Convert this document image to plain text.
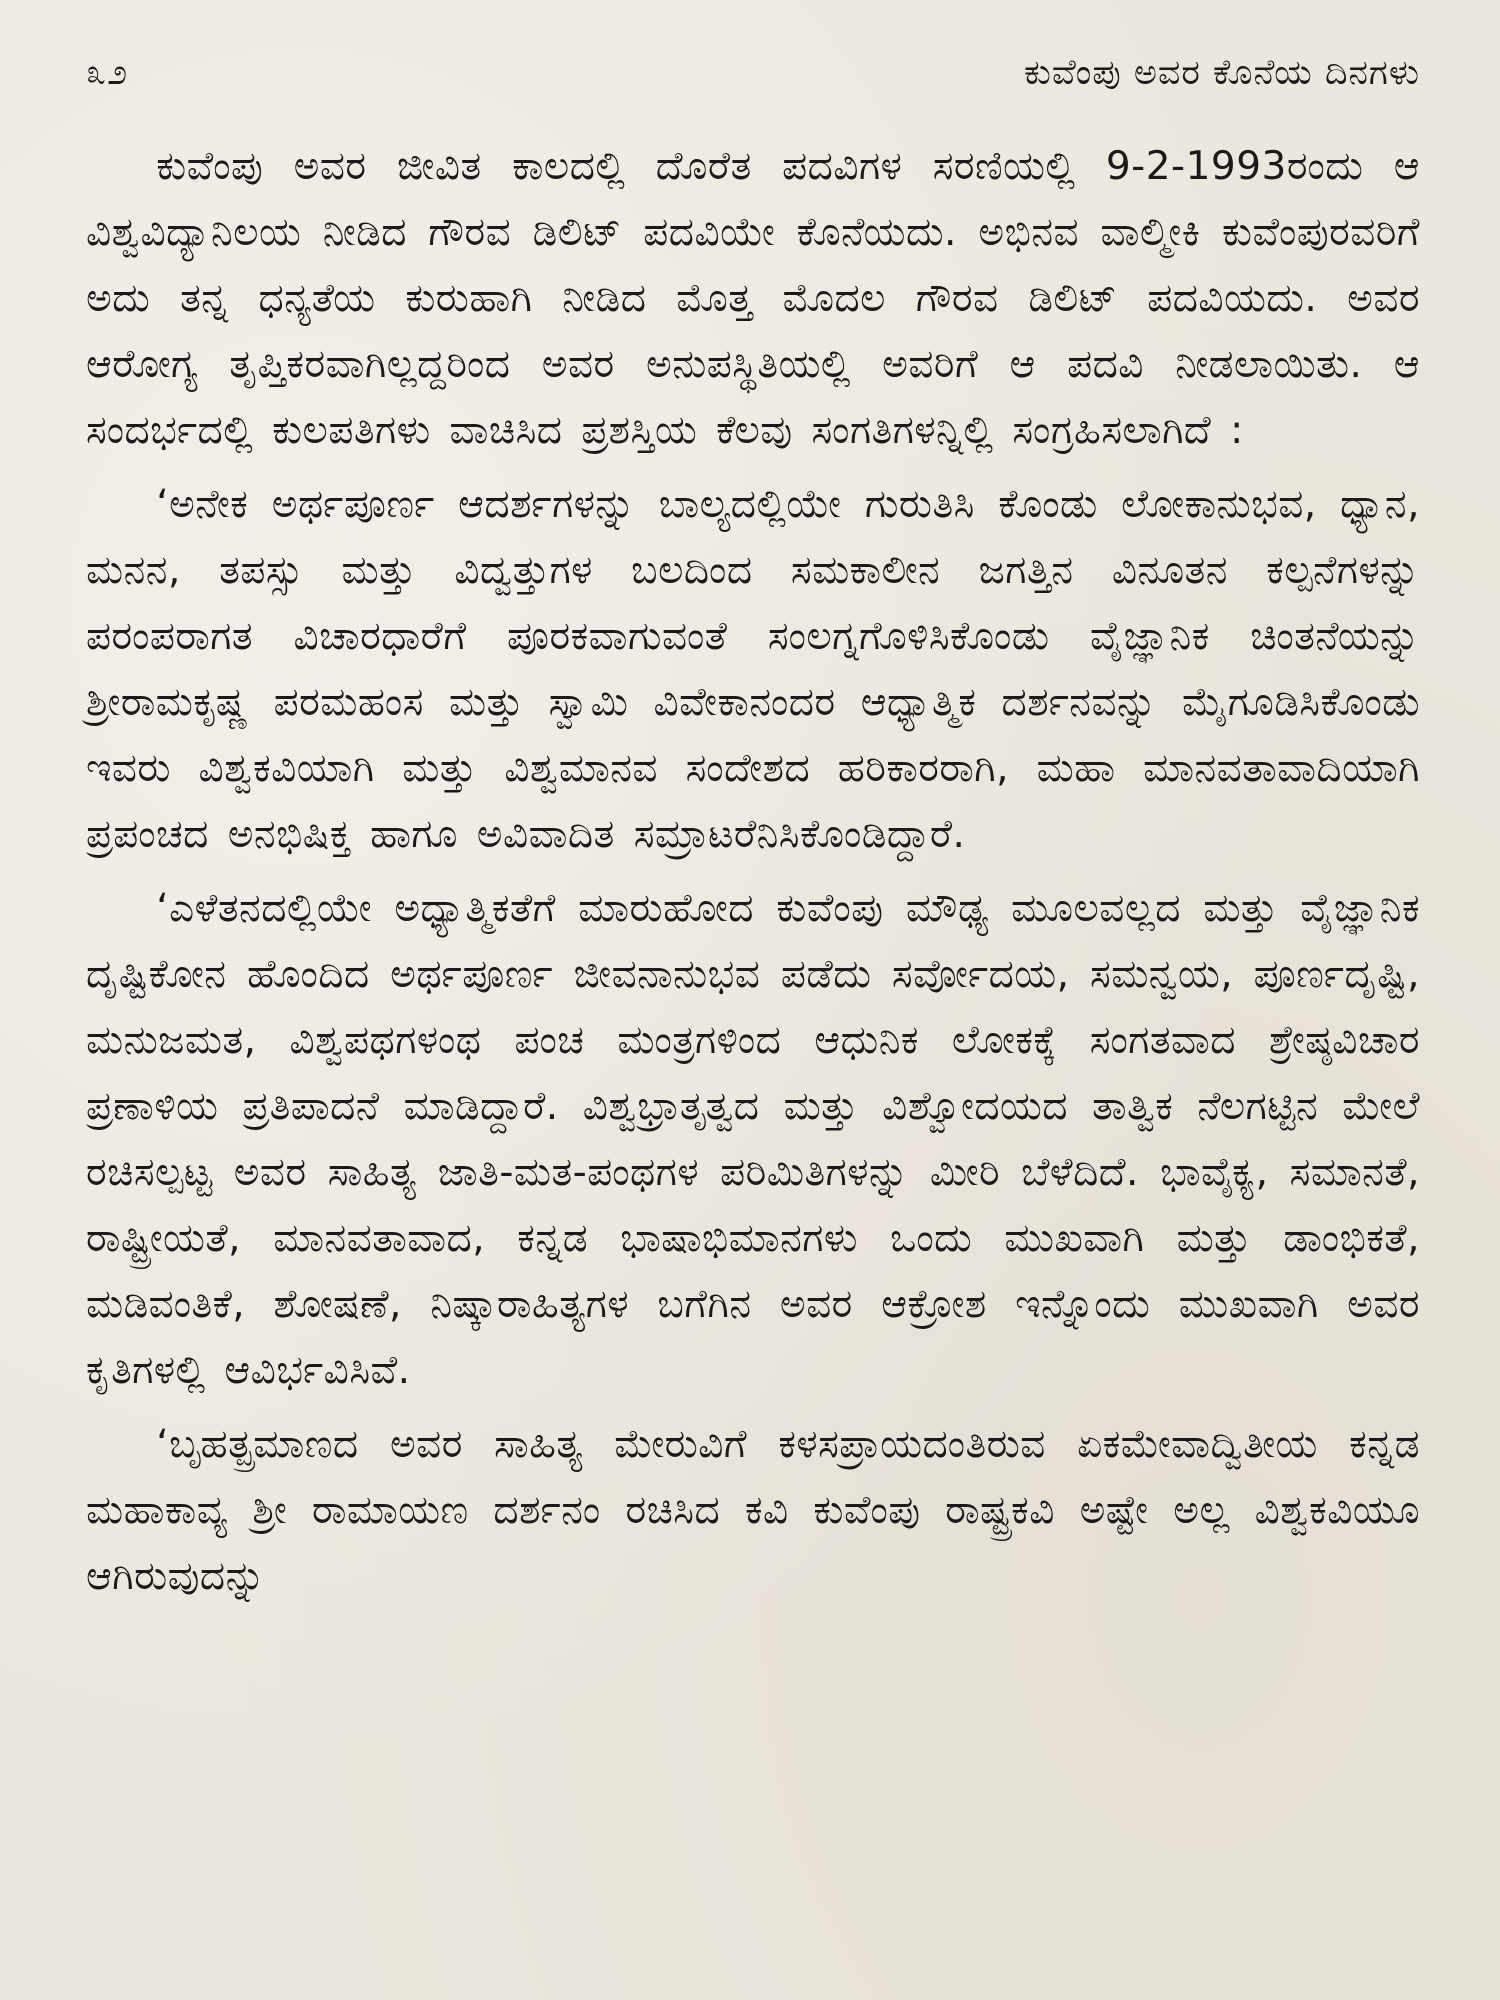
೩೨	ಕುವೆಂಪು ಅವರ ಕೊನೆಯ ದಿನಗಳು

ಕುವೆಂಪು ಅವರ ಜೀವಿತ ಕಾಲದಲ್ಲಿ ದೊರೆತ ಪದವಿಗಳ ಸರಣಿಯಲ್ಲಿ 9-2-1993ರಂದು ಆ ವಿಶ್ವವಿದ್ಯಾನಿಲಯ ನೀಡಿದ ಗೌರವ ಡಿಲಿಟ್ ಪದವಿಯೇ ಕೊನೆಯದು. ಅಭಿನವ ವಾಲ್ಮೀಕಿ ಕುವೆಂಪುರವರಿಗೆ ಅದು ತನ್ನ ಧನ್ಯತೆಯ ಕುರುಹಾಗಿ ನೀಡಿದ ಮೊತ್ತ ಮೊದಲ ಗೌರವ ಡಿಲಿಟ್ ಪದವಿಯದು. ಅವರ ಆರೋಗ್ಯ ತೃಪ್ತಿಕರವಾಗಿಲ್ಲದ್ದರಿಂದ ಅವರ ಅನುಪಸ್ಥಿತಿಯಲ್ಲಿ ಅವರಿಗೆ ಆ ಪದವಿ ನೀಡಲಾಯಿತು. ಆ ಸಂದರ್ಭದಲ್ಲಿ ಕುಲಪತಿಗಳು ವಾಚಿಸಿದ ಪ್ರಶಸ್ತಿಯ ಕೆಲವು ಸಂಗತಿಗಳನ್ನಿಲ್ಲಿ ಸಂಗ್ರಹಿಸಲಾಗಿದೆ :

‘ಅನೇಕ ಅರ್ಥಪೂರ್ಣ ಆದರ್ಶಗಳನ್ನು ಬಾಲ್ಯದಲ್ಲಿಯೇ ಗುರುತಿಸಿ ಕೊಂಡು ಲೋಕಾನುಭವ, ಧ್ಯಾನ, ಮನನ, ತಪಸ್ಸು ಮತ್ತು ವಿದ್ವತ್ತುಗಳ ಬಲದಿಂದ ಸಮಕಾಲೀನ ಜಗತ್ತಿನ ವಿನೂತನ ಕಲ್ಪನೆಗಳನ್ನು ಪರಂಪರಾಗತ ವಿಚಾರಧಾರೆಗೆ ಪೂರಕವಾಗುವಂತೆ ಸಂಲಗ್ನಗೊಳಿಸಿಕೊಂಡು ವೈಜ್ಞಾನಿಕ ಚಿಂತನೆಯನ್ನು ಶ್ರೀರಾಮಕೃಷ್ಣ ಪರಮಹಂಸ ಮತ್ತು ಸ್ವಾಮಿ ವಿವೇಕಾನಂದರ ಆಧ್ಯಾತ್ಮಿಕ ದರ್ಶನವನ್ನು ಮೈಗೂಡಿಸಿಕೊಂಡು ಇವರು ವಿಶ್ವಕವಿಯಾಗಿ ಮತ್ತು ವಿಶ್ವಮಾನವ ಸಂದೇಶದ ಹರಿಕಾರರಾಗಿ, ಮಹಾ ಮಾನವತಾವಾದಿಯಾಗಿ ಪ್ರಪಂಚದ ಅನಭಿಷಿಕ್ತ ಹಾಗೂ ಅವಿವಾದಿತ ಸಮ್ರಾಟರೆನಿಸಿಕೊಂಡಿದ್ದಾರೆ.

‘ಎಳೆತನದಲ್ಲಿಯೇ ಅಧ್ಯಾತ್ಮಿಕತೆಗೆ ಮಾರುಹೋದ ಕುವೆಂಪು ಮೌಢ್ಯ ಮೂಲವಲ್ಲದ ಮತ್ತು ವೈಜ್ಞಾನಿಕ ದೃಷ್ಟಿಕೋನ ಹೊಂದಿದ ಅರ್ಥಪೂರ್ಣ ಜೀವನಾನುಭವ ಪಡೆದು ಸರ್ವೋದಯ, ಸಮನ್ವಯ, ಪೂರ್ಣದೃಷ್ಟಿ, ಮನುಜಮತ, ವಿಶ್ವಪಥಗಳಂಥ ಪಂಚ ಮಂತ್ರಗಳಿಂದ ಆಧುನಿಕ ಲೋಕಕ್ಕೆ ಸಂಗತವಾದ ಶ್ರೇಷ್ಠವಿಚಾರ ಪ್ರಣಾಳಿಯ ಪ್ರತಿಪಾದನೆ ಮಾಡಿದ್ದಾರೆ. ವಿಶ್ವಭ್ರಾತೃತ್ವದ ಮತ್ತು ವಿಶ್ವೋದಯದ ತಾತ್ವಿಕ ನೆಲಗಟ್ಟಿನ ಮೇಲೆ ರಚಿಸಲ್ಪಟ್ಟ ಅವರ ಸಾಹಿತ್ಯ ಜಾತಿ-ಮತ-ಪಂಥಗಳ ಪರಿಮಿತಿಗಳನ್ನು ಮೀರಿ ಬೆಳೆದಿದೆ. ಭಾವೈಕ್ಯ, ಸಮಾನತೆ, ರಾಷ್ಟ್ರೀಯತೆ, ಮಾನವತಾವಾದ, ಕನ್ನಡ ಭಾಷಾಭಿಮಾನಗಳು ಒಂದು ಮುಖವಾಗಿ ಮತ್ತು ಡಾಂಭಿಕತೆ, ಮಡಿವಂತಿಕೆ, ಶೋಷಣೆ, ನಿಷ್ಕಾರಾಹಿತ್ಯಗಳ ಬಗೆಗಿನ ಅವರ ಆಕ್ರೋಶ ಇನ್ನೊಂದು ಮುಖವಾಗಿ ಅವರ ಕೃತಿಗಳಲ್ಲಿ ಆವಿರ್ಭವಿಸಿವೆ.

‘ಬೃಹತ್ಪ್ರಮಾಣದ ಅವರ ಸಾಹಿತ್ಯ ಮೇರುವಿಗೆ ಕಳಸಪ್ರಾಯದಂತಿರುವ ಏಕಮೇವಾದ್ವಿತೀಯ ಕನ್ನಡ ಮಹಾಕಾವ್ಯ ಶ್ರೀ ರಾಮಾಯಣ ದರ್ಶನಂ ರಚಿಸಿದ ಕವಿ ಕುವೆಂಪು ರಾಷ್ಟ್ರಕವಿ ಅಷ್ಟೇ ಅಲ್ಲ ವಿಶ್ವಕವಿಯೂ ಆಗಿರುವುದನ್ನು
